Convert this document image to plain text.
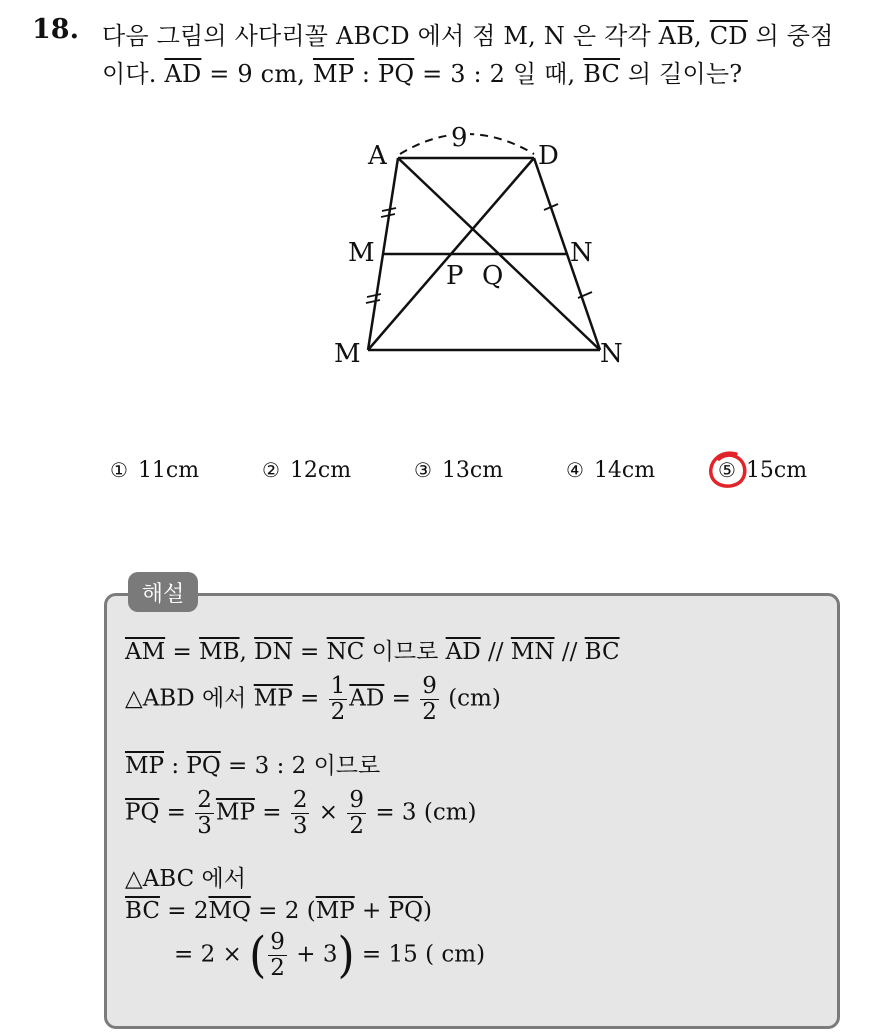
18. 다음 그림의 사다리꼴 ABCD 에서 점 M, N 은 각각 $\overline{AB}$, $\overline{CD}$ 의 중점
이다. $\overline{AD} = 9$ cm, $\overline{MP}$ : $\overline{PQ} = 3$ : 2 일 때, $\overline{BC}$ 의 길이는?
9
A	D
M	N
P Q
M	N
① 11cm	② 12cm	③ 13cm	④ 14cm	⑤ 15cm
해설
$\overline{AM} = \overline{MB}$, $\overline{DN} = \overline{NC}$ 이므로 $\overline{AD} // \overline{MN} // \overline{BC}$
△ABD 에서 $\overline{MP} = \frac{1}{2} \overline{AD} = \frac{9}{2} (cm)$
$\overline{MP}$ : $\overline{PQ} = 3$ : 2 이므로
$\overline{PQ} = \frac{2}{3} \overline{MP} = \frac{2}{3} \times \frac{9}{2} = 3$ (cm)
△ABC 에서
$\overline{BC} = 2\overline{MQ} = 2$ $(\overline{MP} + \overline{PQ})$
= 2 × ( $\frac{9}{2} + 3) = 15$ ( cm)
